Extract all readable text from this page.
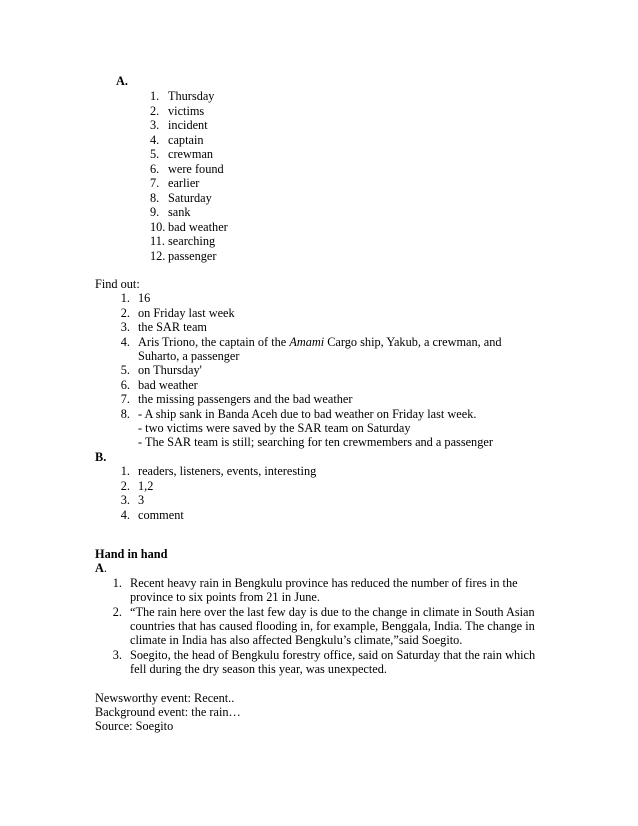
A.
1. Thursday
2. victims
3. incident
4. captain
5. crewman
6. were found
7. earlier
8. Saturday
9. sank
10. bad weather
11. searching
12. passenger
Find out:
1. 16
2. on Friday last week
3. the SAR team
4. Aris Triono, the captain of the Amami Cargo ship, Yakub, a crewman, and
Suharto, a passenger
5. on Thursday'
6. bad weather
7. the missing passengers and the bad weather
8. - A ship sank in Banda Aceh due to bad weather on Friday last week.
- two victims were saved by the SAR team on Saturday
- The SAR team is still; searching for ten crewmembers and a passenger
B.
1. readers, listeners, events, interesting
2. 1,2
3. 3
4. comment
Hand in hand
A.
1. Recent heavy rain in Bengkulu province has reduced the number of fires in the
province to six points from 21 in June.
2. “The rain here over the last few day is due to the change in climate in South Asian
countries that has caused flooding in, for example, Benggala, India. The change in
climate in India has also affected Bengkulu’s climate,”said Soegito.
3. Soegito, the head of Bengkulu forestry office, said on Saturday that the rain which
fell during the dry season this year, was unexpected.
Newsworthy event: Recent..
Background event: the rain…
Source: Soegito
